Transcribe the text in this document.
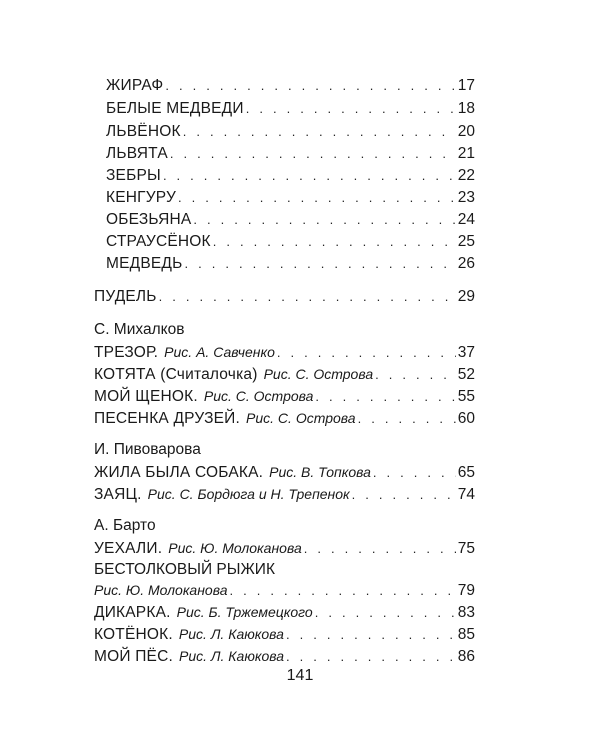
ЖИРАФ . . .	17
БЕЛЫЕ МЕДВЕДИ . . .	18
ЛЬВЁНОК . . .	20
ЛЬВЯТА . . .	21
ЗЕБРЫ . . .	22
КЕНГУРУ . . .	23
ОБЕЗЬЯНА . . .	24
СТРАУСЁНОК . . .	25
МЕДВЕДЬ . . .	26
ПУДЕЛЬ . . .	29
С. Михалков
ТРЕЗОР. Рис. А. Савченко . . .	37
КОТЯТА (Считалочка) Рис. С. Острова . . .	52
МОЙ ЩЕНОК. Рис. С. Острова . . .	55
ПЕСЕНКА ДРУЗЕЙ. Рис. С. Острова . . .	60
И. Пивоварова
ЖИЛА БЫЛА СОБАКА. Рис. В. Топкова . . .	65
ЗАЯЦ. Рис. С. Бордюга и Н. Трепенок . . .	74
А. Барто
УЕХАЛИ. Рис. Ю. Молоканова . . .	75
БЕСТОЛКОВЫЙ РЫЖИК
Рис. Ю. Молоканова . . .	79
ДИКАРКА. Рис. Б. Тржемецкого . . .	83
КОТЁНОК. Рис. Л. Каюкова . . .	85
МОЙ ПЁС. Рис. Л. Каюкова . . .	86
141
